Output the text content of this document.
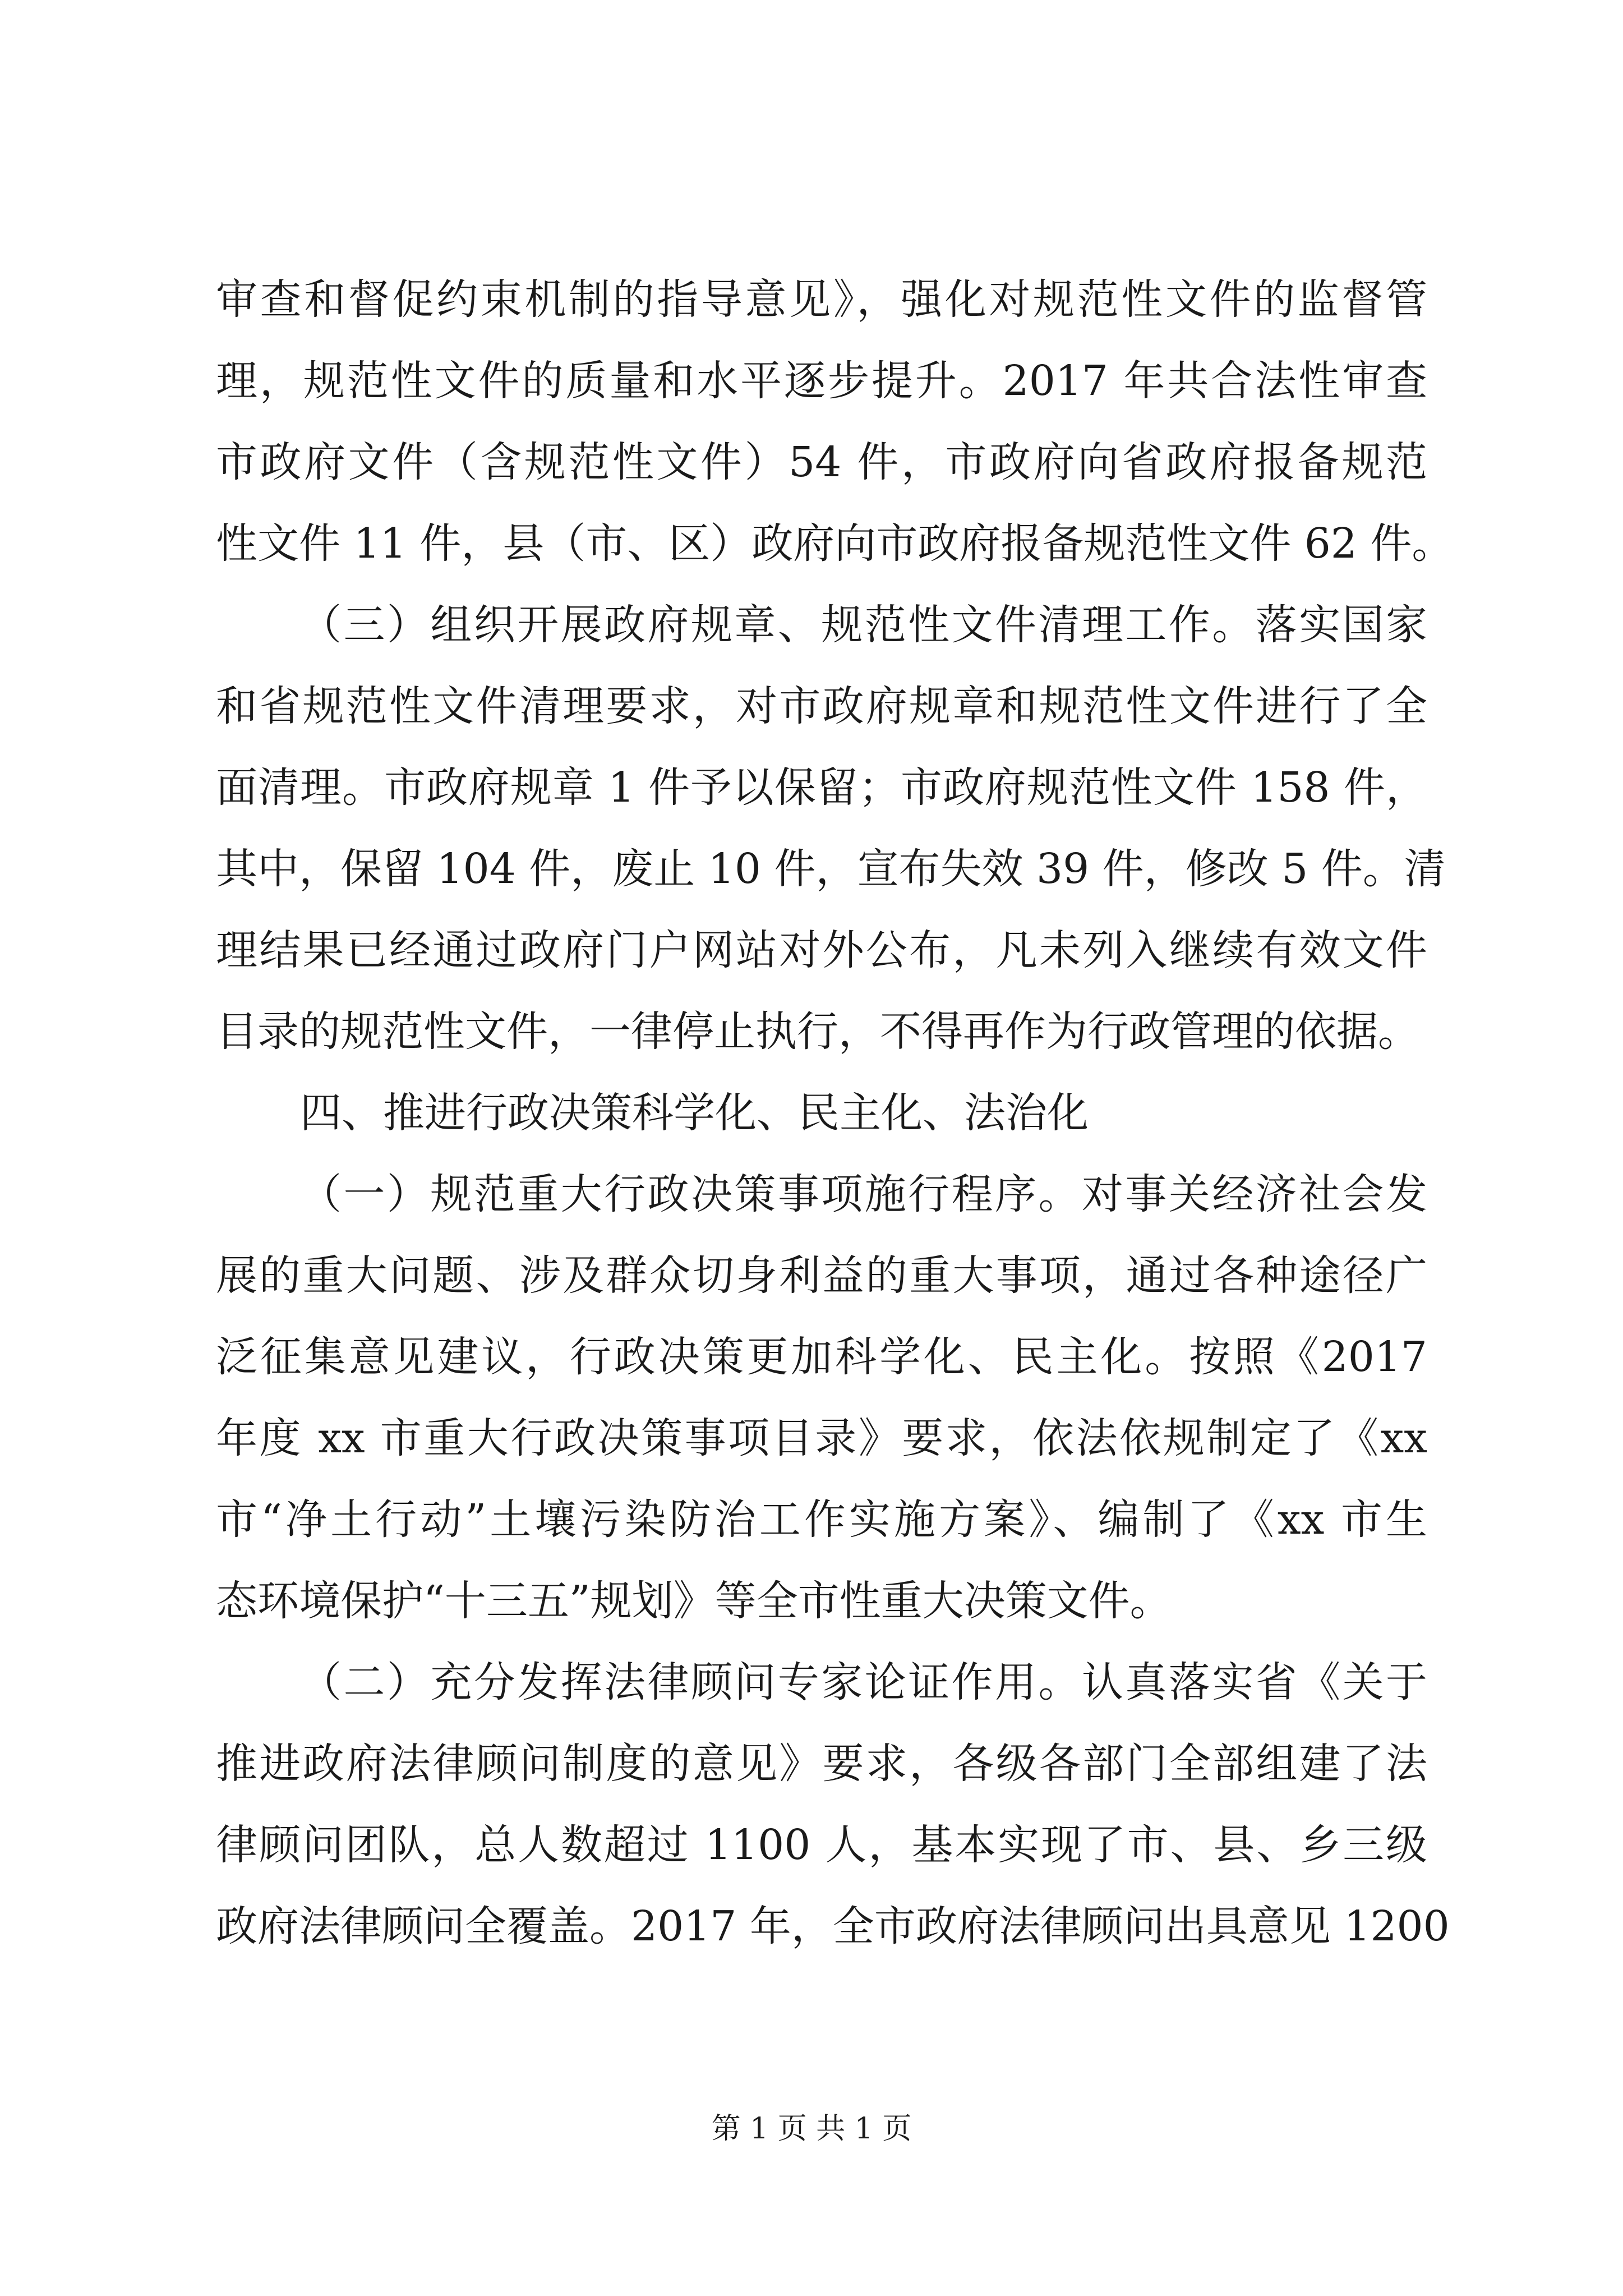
审查和督促约束机制的指导意见》，强化对规范性文件的监督管
理，规范性文件的质量和水平逐步提升。2017 年共合法性审查
市政府文件（含规范性文件）54 件，市政府向省政府报备规范
性文件 11 件，县（市、区）政府向市政府报备规范性文件 62 件。
（三）组织开展政府规章、规范性文件清理工作。落实国家
和省规范性文件清理要求，对市政府规章和规范性文件进行了全
面清理。市政府规章 1 件予以保留；市政府规范性文件 158 件，
其中，保留 104 件，废止 10 件，宣布失效 39 件，修改 5 件。清
理结果已经通过政府门户网站对外公布，凡未列入继续有效文件
目录的规范性文件，一律停止执行，不得再作为行政管理的依据。
四、推进行政决策科学化、民主化、法治化
（一）规范重大行政决策事项施行程序。对事关经济社会发
展的重大问题、涉及群众切身利益的重大事项，通过各种途径广
泛征集意见建议，行政决策更加科学化、民主化。按照《2017
年度 xx 市重大行政决策事项目录》要求，依法依规制定了《xx
市“净土行动”土壤污染防治工作实施方案》、编制了《xx 市生
态环境保护“十三五”规划》等全市性重大决策文件。
（二）充分发挥法律顾问专家论证作用。认真落实省《关于
推进政府法律顾问制度的意见》要求，各级各部门全部组建了法
律顾问团队，总人数超过 1100 人，基本实现了市、县、乡三级
政府法律顾问全覆盖。2017 年，全市政府法律顾问出具意见 1200
第 1 页 共 1 页
